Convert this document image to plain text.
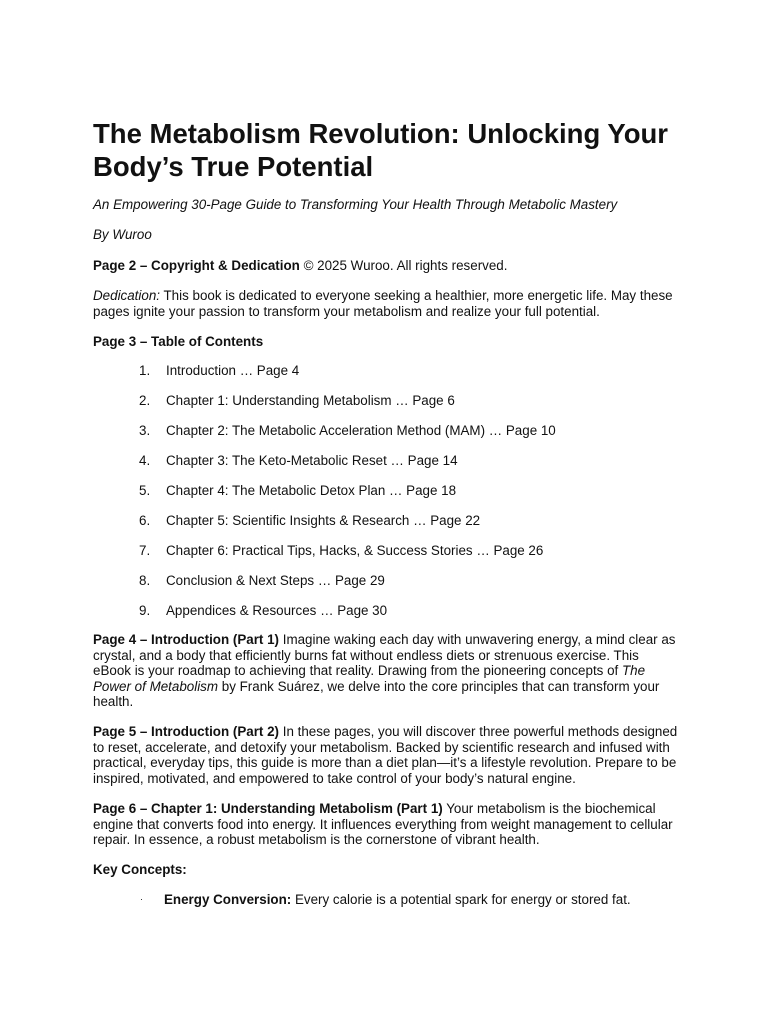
The Metabolism Revolution: Unlocking Your Body’s True Potential

An Empowering 30-Page Guide to Transforming Your Health Through Metabolic Mastery

By Wuroo

Page 2 – Copyright & Dedication © 2025 Wuroo. All rights reserved.

Dedication: This book is dedicated to everyone seeking a healthier, more energetic life. May these pages ignite your passion to transform your metabolism and realize your full potential.

Page 3 – Table of Contents

1. Introduction … Page 4
2. Chapter 1: Understanding Metabolism … Page 6
3. Chapter 2: The Metabolic Acceleration Method (MAM) … Page 10
4. Chapter 3: The Keto-Metabolic Reset … Page 14
5. Chapter 4: The Metabolic Detox Plan … Page 18
6. Chapter 5: Scientific Insights & Research … Page 22
7. Chapter 6: Practical Tips, Hacks, & Success Stories … Page 26
8. Conclusion & Next Steps … Page 29
9. Appendices & Resources … Page 30

Page 4 – Introduction (Part 1) Imagine waking each day with unwavering energy, a mind clear as crystal, and a body that efficiently burns fat without endless diets or strenuous exercise. This eBook is your roadmap to achieving that reality. Drawing from the pioneering concepts of The Power of Metabolism by Frank Suárez, we delve into the core principles that can transform your health.

Page 5 – Introduction (Part 2) In these pages, you will discover three powerful methods designed to reset, accelerate, and detoxify your metabolism. Backed by scientific research and infused with practical, everyday tips, this guide is more than a diet plan—it’s a lifestyle revolution. Prepare to be inspired, motivated, and empowered to take control of your body’s natural engine.

Page 6 – Chapter 1: Understanding Metabolism (Part 1) Your metabolism is the biochemical engine that converts food into energy. It influences everything from weight management to cellular repair. In essence, a robust metabolism is the cornerstone of vibrant health.

Key Concepts:

· Energy Conversion: Every calorie is a potential spark for energy or stored fat.
